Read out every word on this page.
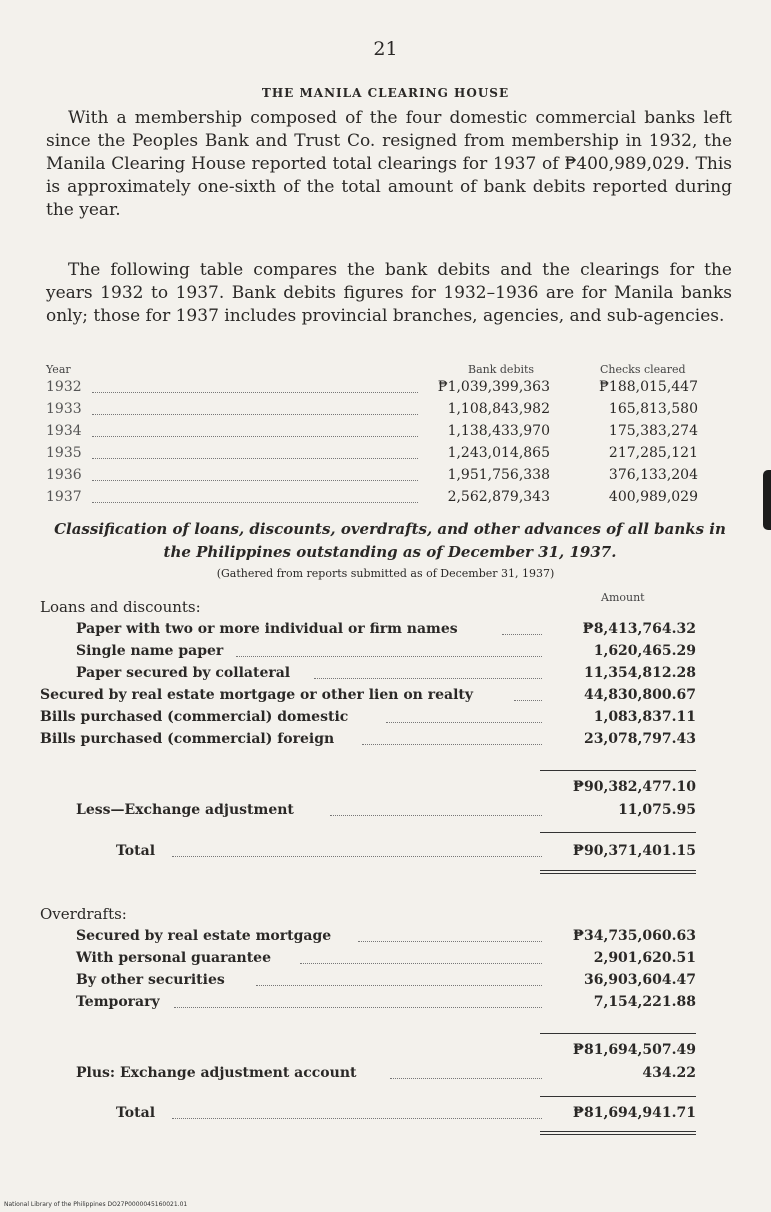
21
THE MANILA CLEARING HOUSE

With a membership composed of the four domestic commercial banks left since the Peoples Bank and Trust Co. resigned from membership in 1932, the Manila Clearing House reported total clearings for 1937 of ₱400,989,029. This is approximately one-sixth of the total amount of bank debits reported during the year.

The following table compares the bank debits and the clearings for the years 1932 to 1937. Bank debits figures for 1932–1936 are for Manila banks only; those for 1937 includes provincial branches, agencies, and sub-agencies.

Year	Bank debits	Checks cleared
1932	₱1,039,399,363	₱188,015,447
1933	1,108,843,982	165,813,580
1934	1,138,433,970	175,383,274
1935	1,243,014,865	217,285,121
1936	1,951,756,338	376,133,204
1937	2,562,879,343	400,989,029
Classification of loans, discounts, overdrafts, and other advances of all banks in the Philippines outstanding as of December 31, 1937.
(Gathered from reports submitted as of December 31, 1937)
Amount
Loans and discounts:
Paper with two or more individual or firm names	₱8,413,764.32
Single name paper	1,620,465.29
Paper secured by collateral	11,354,812.28
Secured by real estate mortgage or other lien on realty	44,830,800.67
Bills purchased (commercial) domestic	1,083,837.11
Bills purchased (commercial) foreign	23,078,797.43
₱90,382,477.10
Less—Exchange adjustment	11,075.95
Total	₱90,371,401.15
Overdrafts:
Secured by real estate mortgage	₱34,735,060.63
With personal guarantee	2,901,620.51
By other securities	36,903,604.47
Temporary	7,154,221.88
₱81,694,507.49
Plus: Exchange adjustment account	434.22
Total	₱81,694,941.71
National Library of the Philippines DO27P0000045160021.01
